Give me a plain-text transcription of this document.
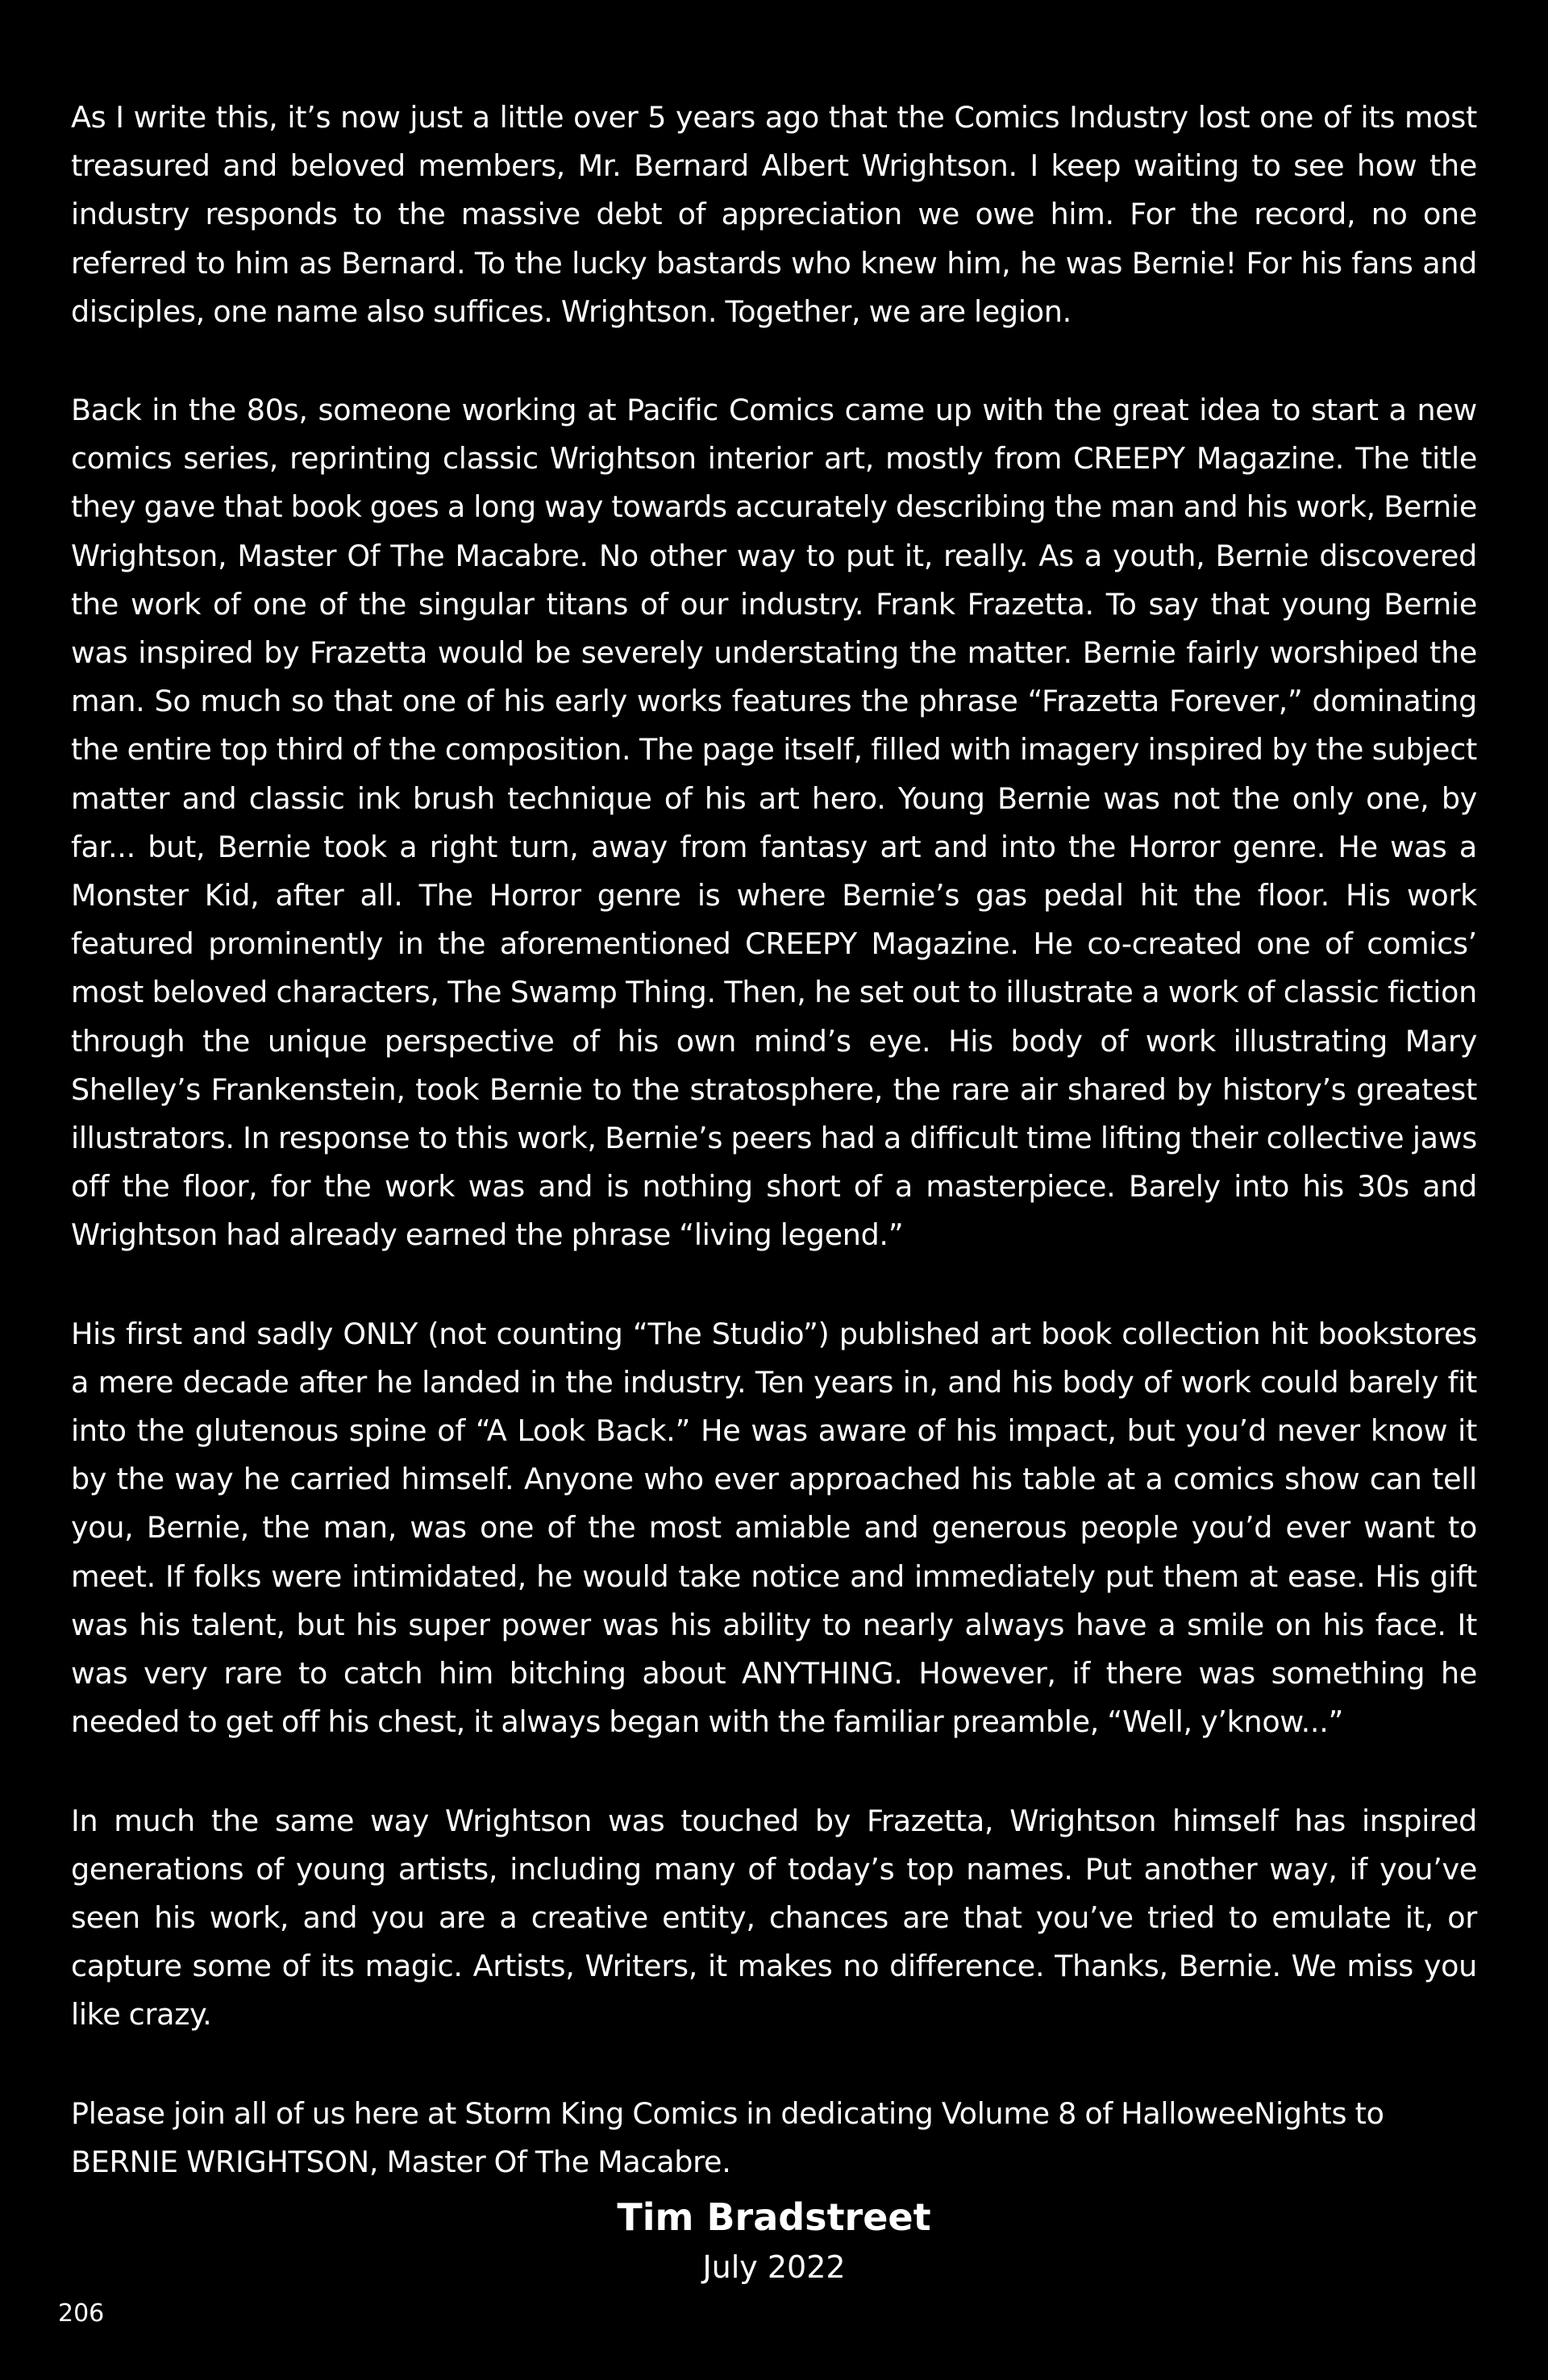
As I write this, it’s now just a little over 5 years ago that the Comics Industry lost one of its most treasured and beloved members, Mr. Bernard Albert Wrightson. I keep waiting to see how the industry responds to the massive debt of appreciation we owe him. For the record, no one referred to him as Bernard. To the lucky bastards who knew him, he was Bernie! For his fans and disciples, one name also suffices. Wrightson. Together, we are legion.

Back in the 80s, someone working at Pacific Comics came up with the great idea to start a new comics series, reprinting classic Wrightson interior art, mostly from CREEPY Magazine. The title they gave that book goes a long way towards accurately describing the man and his work, Bernie Wrightson, Master Of The Macabre. No other way to put it, really. As a youth, Bernie discovered the work of one of the singular titans of our industry. Frank Frazetta. To say that young Bernie was inspired by Frazetta would be severely understating the matter. Bernie fairly worshiped the man. So much so that one of his early works features the phrase “Frazetta Forever,” dominating the entire top third of the composition. The page itself, filled with imagery inspired by the subject matter and classic ink brush technique of his art hero. Young Bernie was not the only one, by far... but, Bernie took a right turn, away from fantasy art and into the Horror genre. He was a Monster Kid, after all. The Horror genre is where Bernie’s gas pedal hit the floor. His work featured prominently in the aforementioned CREEPY Magazine. He co-created one of comics’ most beloved characters, The Swamp Thing. Then, he set out to illustrate a work of classic fiction through the unique perspective of his own mind’s eye. His body of work illustrating Mary Shelley’s Frankenstein, took Bernie to the stratosphere, the rare air shared by history’s greatest illustrators. In response to this work, Bernie’s peers had a difficult time lifting their collective jaws off the floor, for the work was and is nothing short of a masterpiece. Barely into his 30s and Wrightson had already earned the phrase “living legend.”

His first and sadly ONLY (not counting “The Studio”) published art book collection hit bookstores a mere decade after he landed in the industry. Ten years in, and his body of work could barely fit into the glutenous spine of “A Look Back.” He was aware of his impact, but you’d never know it by the way he carried himself. Anyone who ever approached his table at a comics show can tell you, Bernie, the man, was one of the most amiable and generous people you’d ever want to meet. If folks were intimidated, he would take notice and immediately put them at ease. His gift was his talent, but his super power was his ability to nearly always have a smile on his face. It was very rare to catch him bitching about ANYTHING. However, if there was something he needed to get off his chest, it always began with the familiar preamble, “Well, y’know...”

In much the same way Wrightson was touched by Frazetta, Wrightson himself has inspired generations of young artists, including many of today’s top names. Put another way, if you’ve seen his work, and you are a creative entity, chances are that you’ve tried to emulate it, or capture some of its magic. Artists, Writers, it makes no difference. Thanks, Bernie. We miss you like crazy.

Please join all of us here at Storm King Comics in dedicating Volume 8 of HalloweeNights to BERNIE WRIGHTSON, Master Of The Macabre.

Tim Bradstreet
July 2022
206
